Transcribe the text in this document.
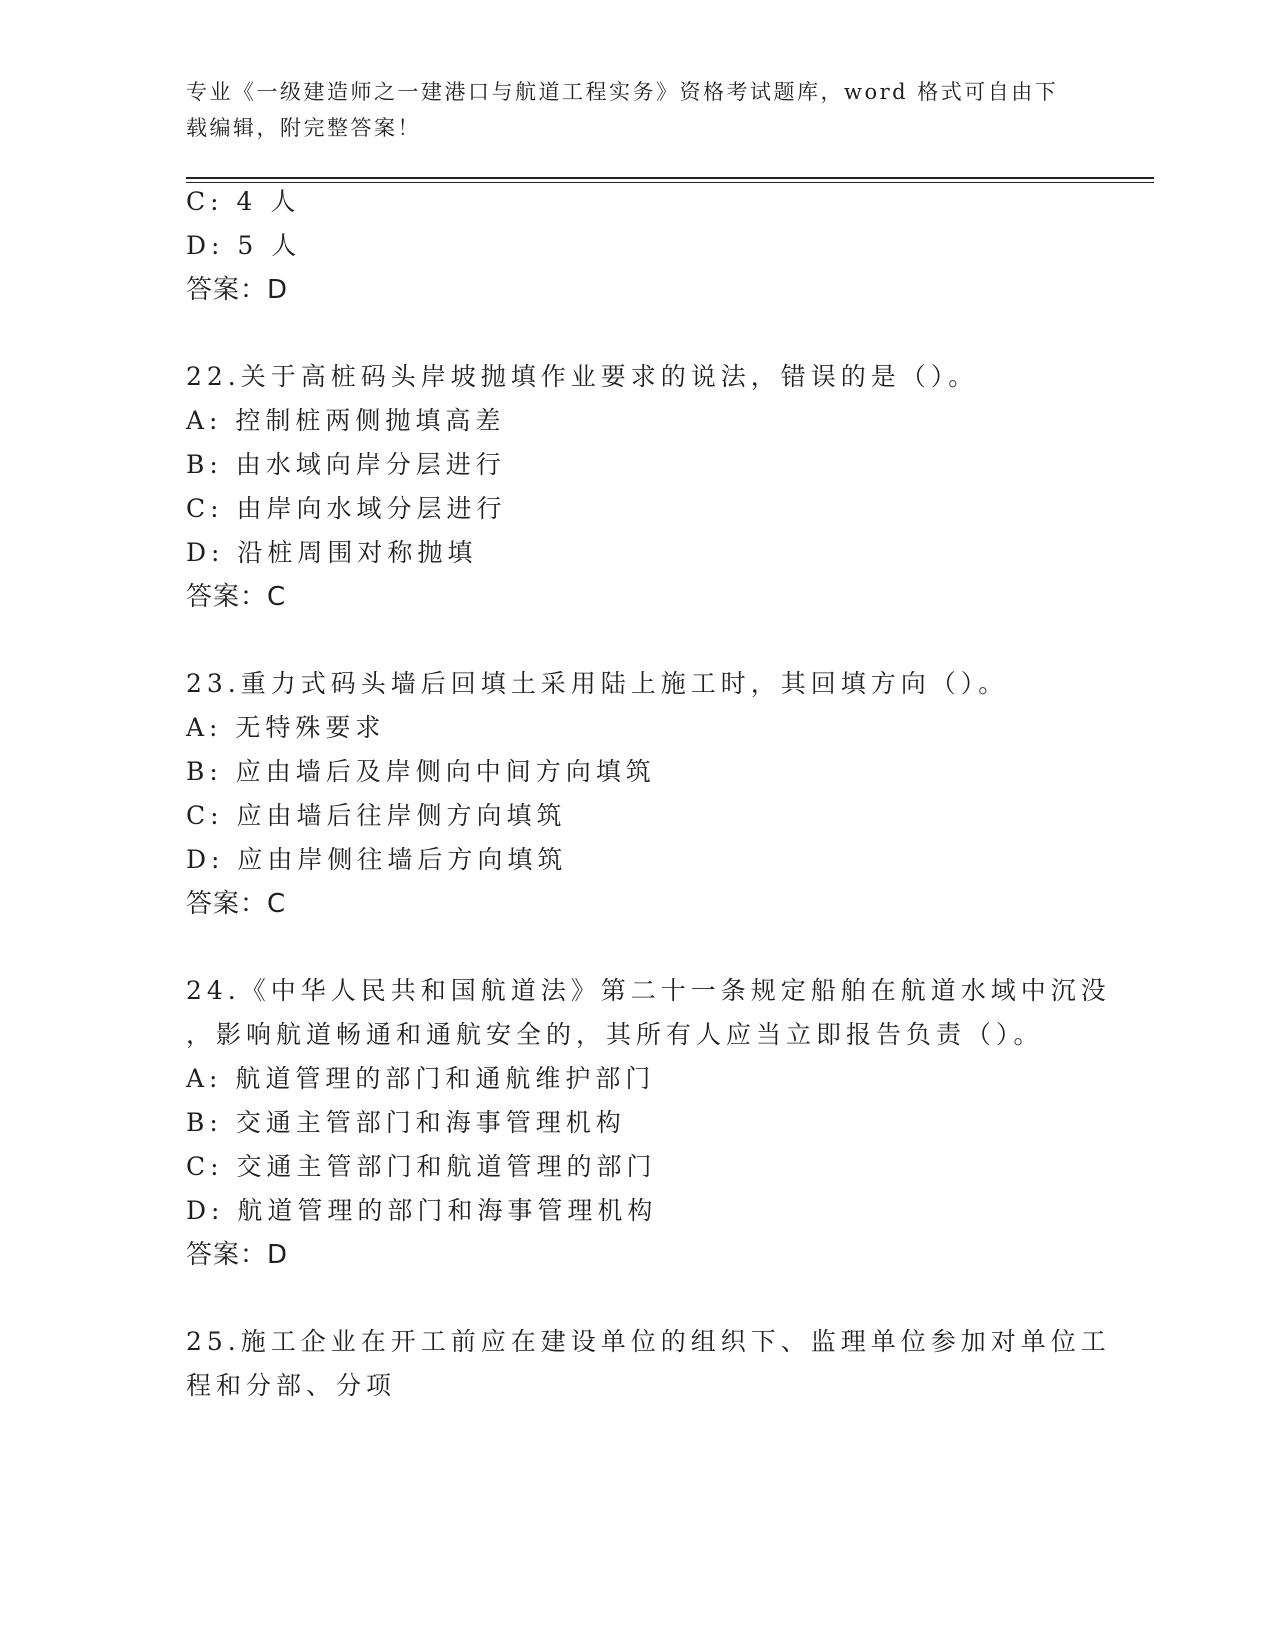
专业《一级建造师之一建港口与航道工程实务》资格考试题库，word 格式可自由下载编辑，附完整答案！
C: 4 人
D: 5 人
答案：D
22.关于高桩码头岸坡抛填作业要求的说法，错误的是（）。
A: 控制桩两侧抛填高差
B: 由水域向岸分层进行
C: 由岸向水域分层进行
D: 沿桩周围对称抛填
答案：C
23.重力式码头墙后回填土采用陆上施工时，其回填方向（）。
A: 无特殊要求
B: 应由墙后及岸侧向中间方向填筑
C: 应由墙后往岸侧方向填筑
D: 应由岸侧往墙后方向填筑
答案：C
24.《中华人民共和国航道法》第二十一条规定船舶在航道水域中沉没
，影响航道畅通和通航安全的，其所有人应当立即报告负责（）。
A: 航道管理的部门和通航维护部门
B: 交通主管部门和海事管理机构
C: 交通主管部门和航道管理的部门
D: 航道管理的部门和海事管理机构
答案：D
25.施工企业在开工前应在建设单位的组织下、监理单位参加对单位工
程和分部、分项
